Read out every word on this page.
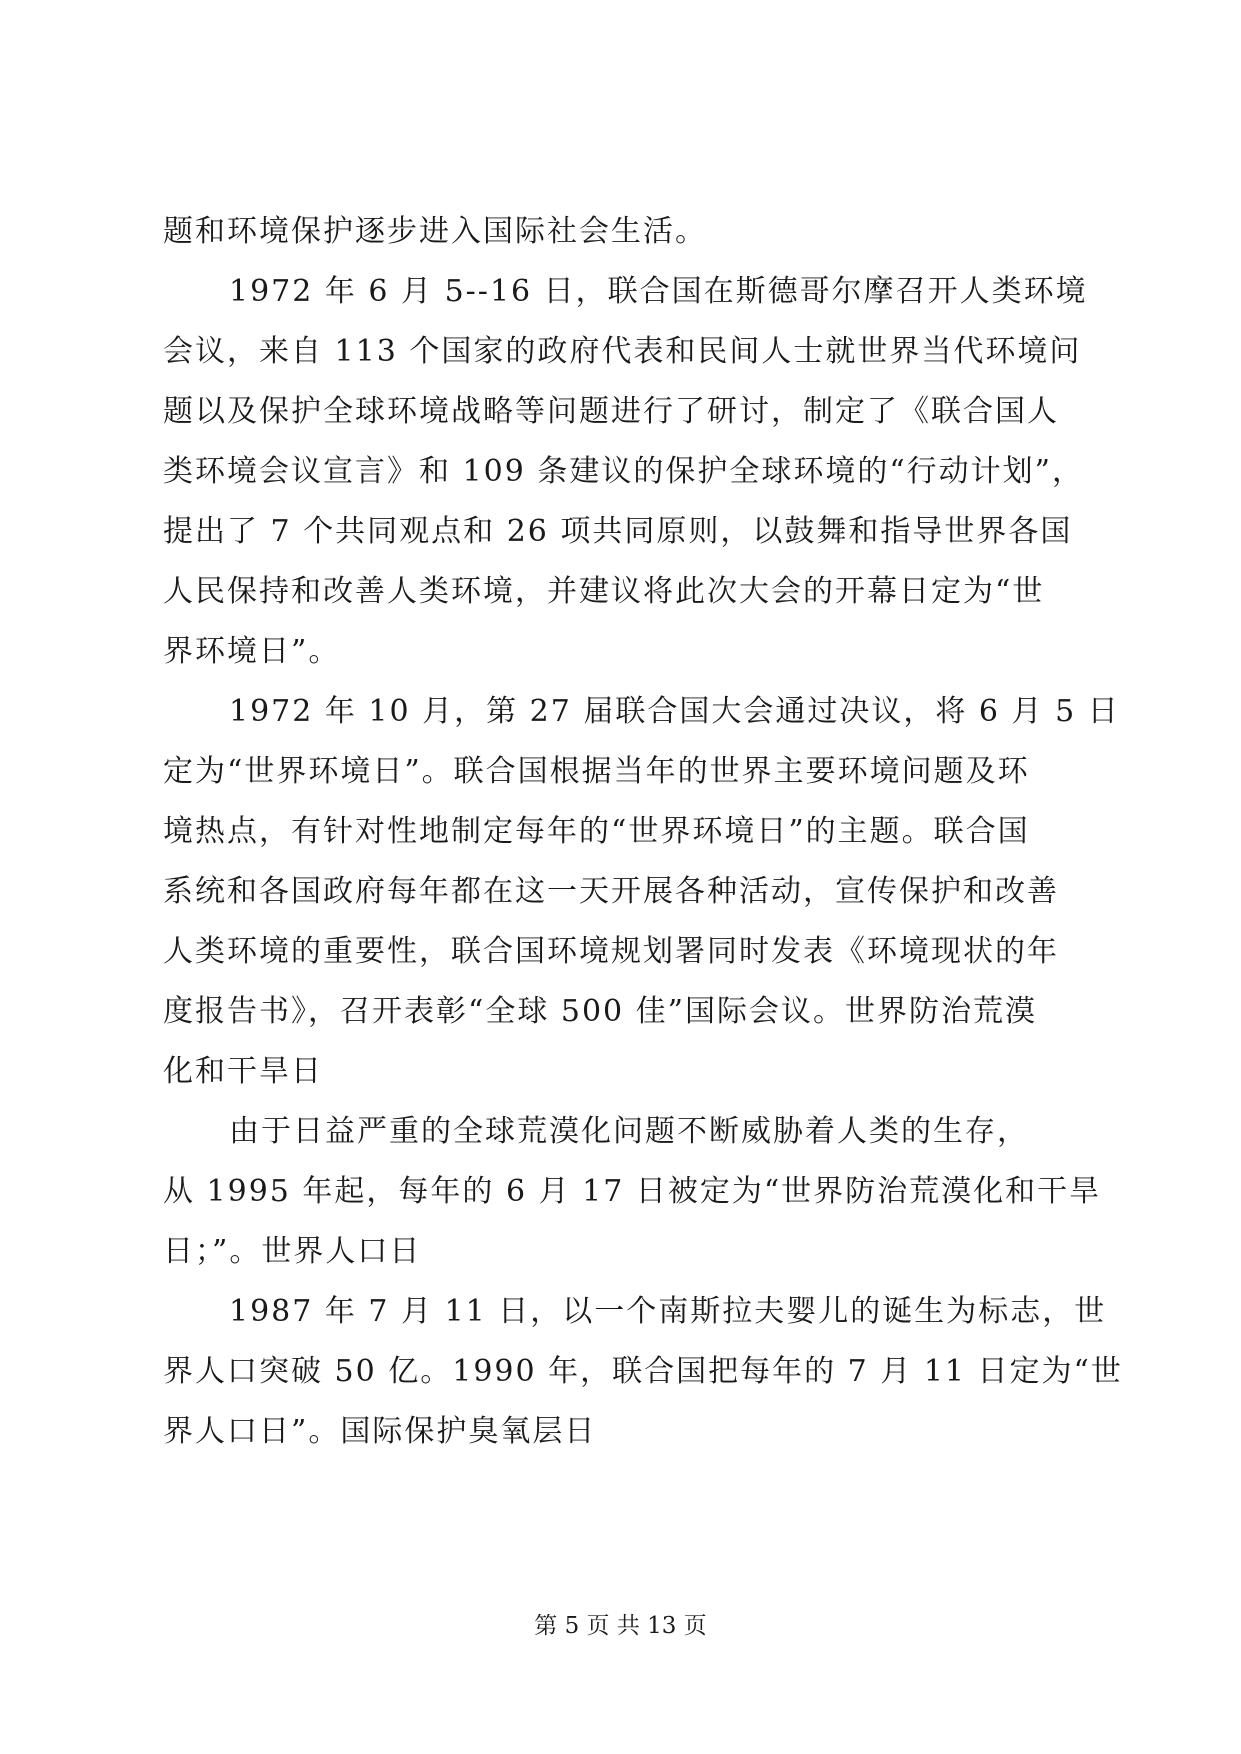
题和环境保护逐步进入国际社会生活。
1972 年 6 月 5--16 日，联合国在斯德哥尔摩召开人类环境
会议，来自 113 个国家的政府代表和民间人士就世界当代环境问
题以及保护全球环境战略等问题进行了研讨，制定了《联合国人
类环境会议宣言》和 109 条建议的保护全球环境的“行动计划”，
提出了 7 个共同观点和 26 项共同原则，以鼓舞和指导世界各国
人民保持和改善人类环境，并建议将此次大会的开幕日定为“世
界环境日”。
1972 年 10 月，第 27 届联合国大会通过决议，将 6 月 5 日
定为“世界环境日”。联合国根据当年的世界主要环境问题及环
境热点，有针对性地制定每年的“世界环境日”的主题。联合国
系统和各国政府每年都在这一天开展各种活动，宣传保护和改善
人类环境的重要性，联合国环境规划署同时发表《环境现状的年
度报告书》，召开表彰“全球 500 佳”国际会议。世界防治荒漠
化和干旱日
由于日益严重的全球荒漠化问题不断威胁着人类的生存，
从 1995 年起，每年的 6 月 17 日被定为“世界防治荒漠化和干旱
日；”。世界人口日
1987 年 7 月 11 日，以一个南斯拉夫婴儿的诞生为标志，世
界人口突破 50 亿。1990 年，联合国把每年的 7 月 11 日定为“世
界人口日”。国际保护臭氧层日
第 5 页 共 13 页
